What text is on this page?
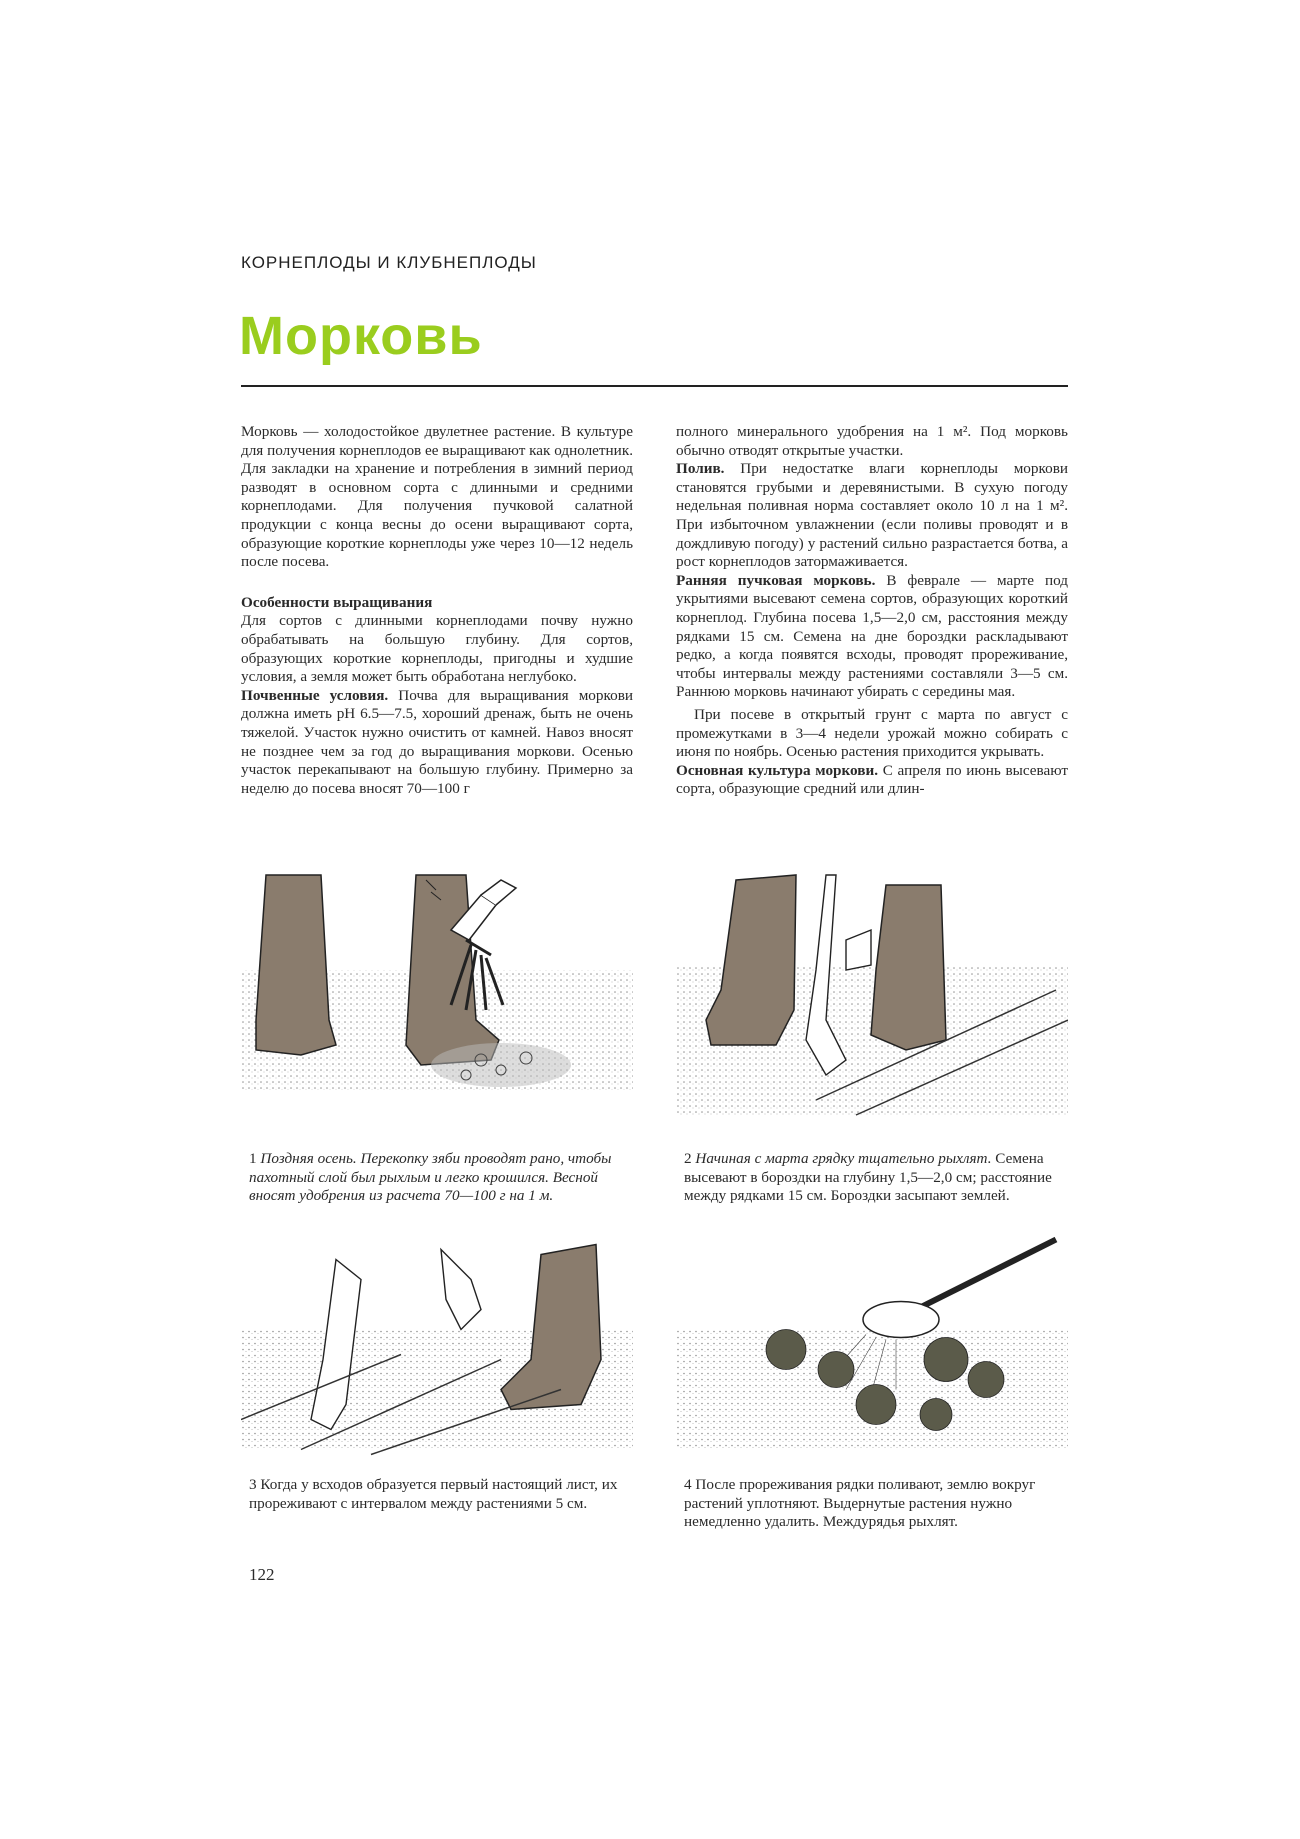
КОРНЕПЛОДЫ И КЛУБНЕПЛОДЫ
Морковь

Морковь — холодостойкое двулетнее растение. В культуре для получения корнеплодов ее выращивают как однолетник. Для закладки на хранение и потребления в зимний период разводят в основном сорта с длинными и средними корнеплодами. Для получения пучковой салатной продукции с конца весны до осени выращивают сорта, образующие короткие корнеплоды уже через 10—12 недель после посева.

Особенности выращивания

Для сортов с длинными корнеплодами почву нужно обрабатывать на большую глубину. Для сортов, образующих короткие корнеплоды, пригодны и худшие условия, а земля может быть обработана неглубоко.

Почвенные условия. Почва для выращивания моркови должна иметь pH 6.5—7.5, хороший дренаж, быть не очень тяжелой. Участок нужно очистить от камней. Навоз вносят не позднее чем за год до выращивания моркови. Осенью участок перекапывают на большую глубину. Примерно за неделю до посева вносят 70—100 г

полного минерального удобрения на 1 м². Под морковь обычно отводят открытые участки.

Полив. При недостатке влаги корнеплоды моркови становятся грубыми и деревянистыми. В сухую погоду недельная поливная норма составляет около 10 л на 1 м². При избыточном увлажнении (если поливы проводят и в дождливую погоду) у растений сильно разрастается ботва, а рост корнеплодов затормаживается.

Ранняя пучковая морковь. В феврале — марте под укрытиями высевают семена сортов, образующих короткий корнеплод. Глубина посева 1,5—2,0 см, расстояния между рядками 15 см. Семена на дне бороздки раскладывают редко, а когда появятся всходы, проводят прореживание, чтобы интервалы между растениями составляли 3—5 см. Раннюю морковь начинают убирать с середины мая.

При посеве в открытый грунт с марта по август с промежутками в 3—4 недели урожай можно собирать с июня по ноябрь. Осенью растения приходится укрывать.

Основная культура моркови. С апреля по июнь высевают сорта, образующие средний или длин-

1 Поздняя осень. Перекопку зяби проводят рано, чтобы пахотный слой был рыхлым и легко крошился. Весной вносят удобрения из расчета 70—100 г на 1 м.
2 Начиная с марта грядку тщательно рыхлят. Семена высевают в бороздки на глубину 1,5—2,0 см; расстояние между рядками 15 см. Бороздки засыпают землей.
3 Когда у всходов образуется первый настоящий лист, их прореживают с интервалом между растениями 5 см.
4 После прореживания рядки поливают, землю вокруг растений уплотняют. Выдернутые растения нужно немедленно удалить. Междурядья рыхлят.
122
